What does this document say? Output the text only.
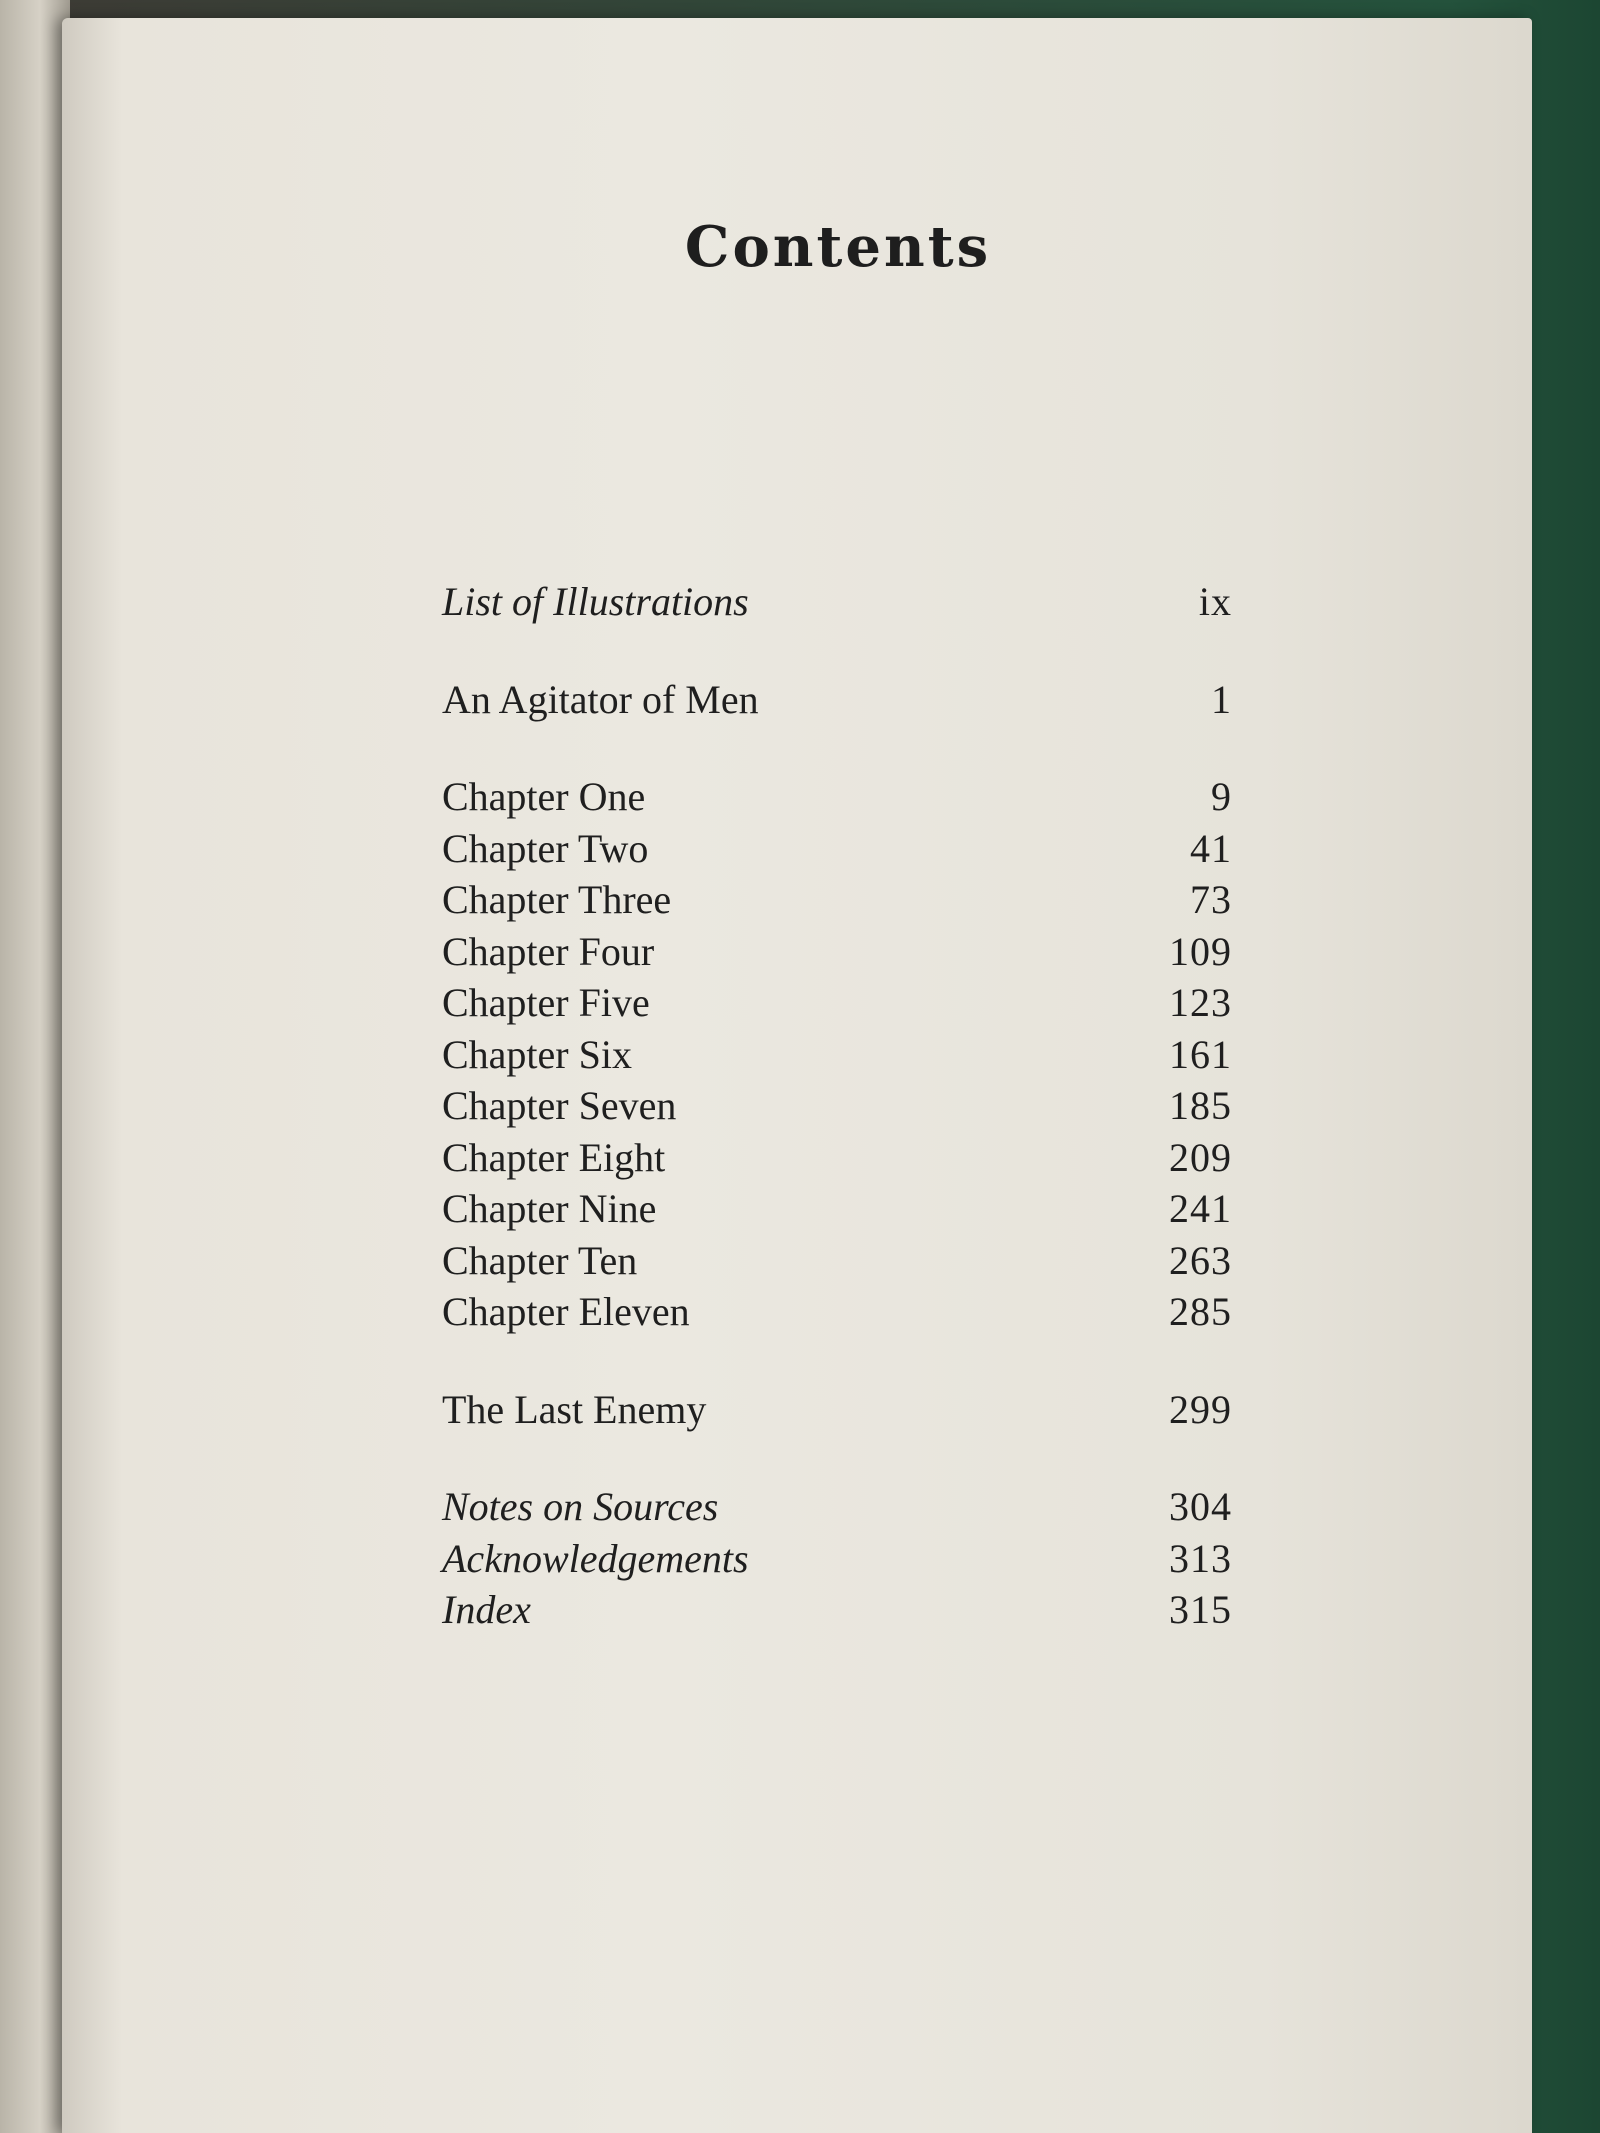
Contents
List of Illustrations	ix
An Agitator of Men	1
Chapter One	9
Chapter Two	41
Chapter Three	73
Chapter Four	109
Chapter Five	123
Chapter Six	161
Chapter Seven	185
Chapter Eight	209
Chapter Nine	241
Chapter Ten	263
Chapter Eleven	285
The Last Enemy	299
Notes on Sources	304
Acknowledgements	313
Index	315
